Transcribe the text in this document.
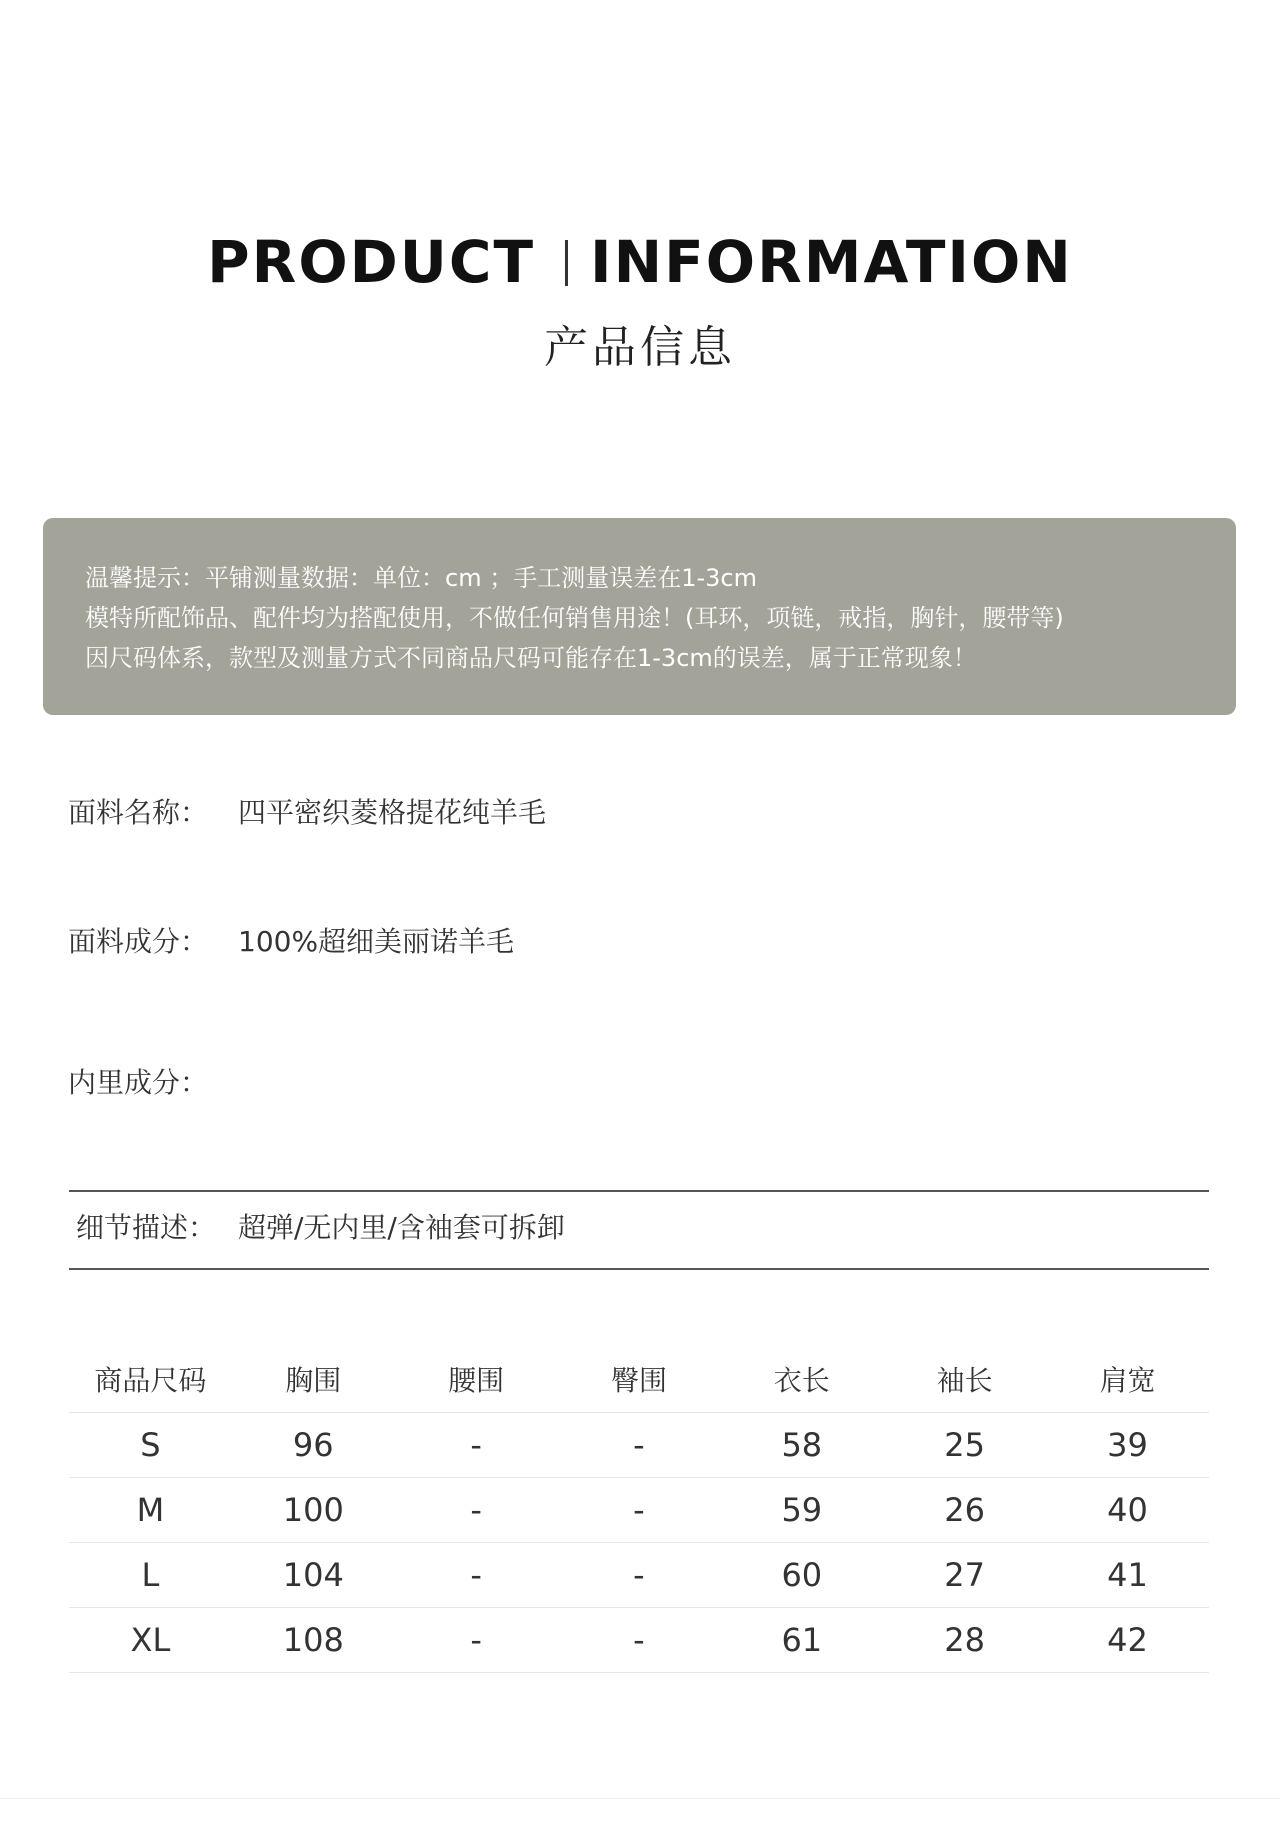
PRODUCT INFORMATION
产品信息
温馨提示：平铺测量数据：单位：cm ；手工测量误差在1-3cm
模特所配饰品、配件均为搭配使用，不做任何销售用途！(耳环，项链，戒指，胸针，腰带等)
因尺码体系，款型及测量方式不同商品尺码可能存在1-3cm的误差，属于正常现象！
面料名称： 四平密织菱格提花纯羊毛
面料成分： 100%超细美丽诺羊毛
内里成分：
细节描述： 超弹/无内里/含袖套可拆卸
商品尺码	胸围	腰围	臀围	衣长	袖长	肩宽
S	96	-	-	58	25	39
M	100	-	-	59	26	40
L	104	-	-	60	27	41
XL	108	-	-	61	28	42
